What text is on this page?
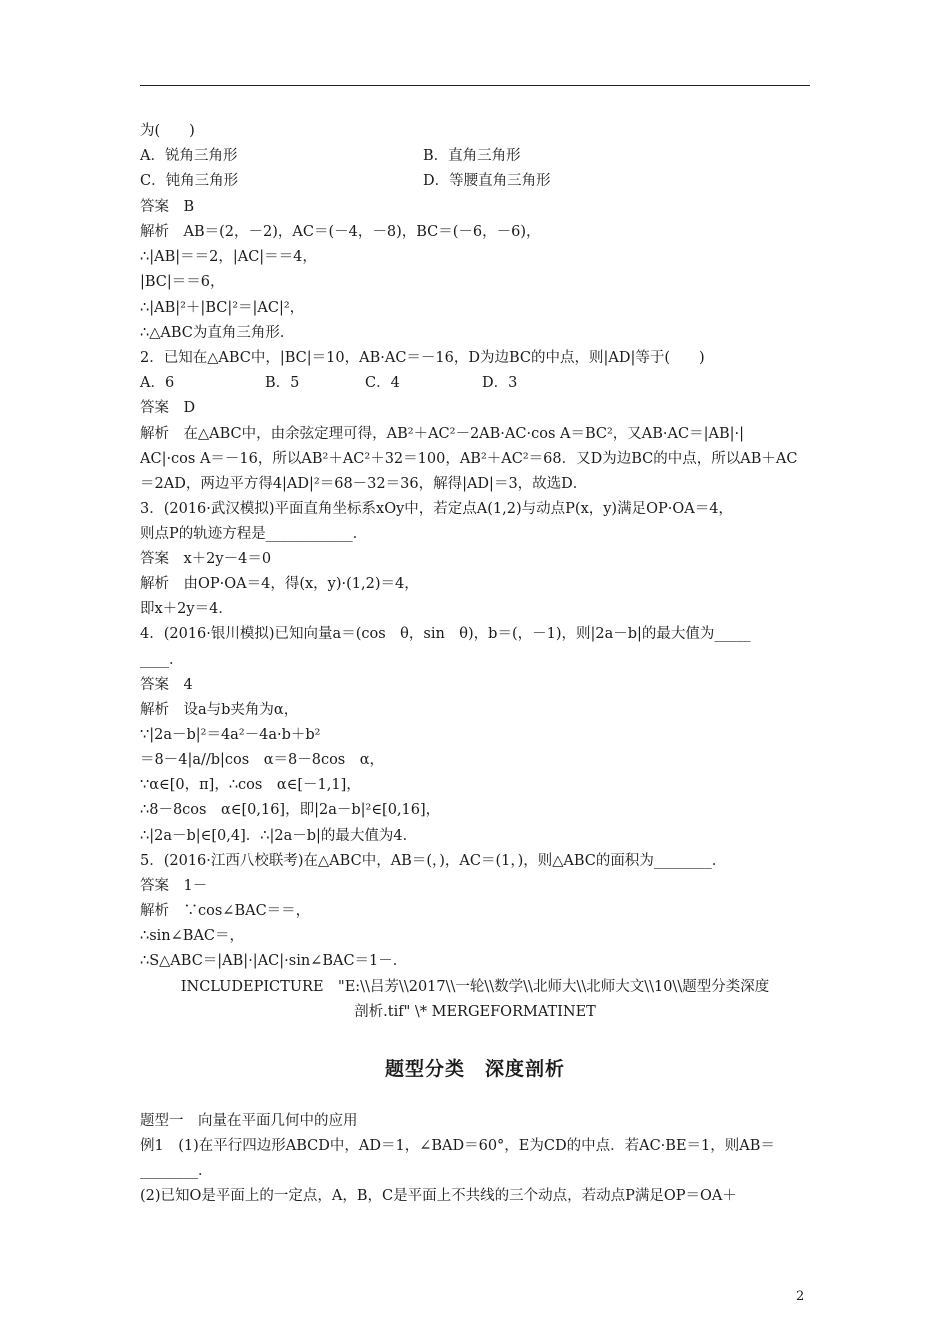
为(　　)
A．锐角三角形	B．直角三角形
C．钝角三角形	D．等腰直角三角形
答案　B
解析　AB＝(2，－2)，AC＝(－4，－8)，BC＝(－6，－6)，
∴|AB|＝＝2，|AC|＝＝4，
|BC|＝＝6，
∴|AB|²＋|BC|²＝|AC|²，
∴△ABC为直角三角形．
2．已知在△ABC中，|BC|＝10，AB·AC＝－16，D为边BC的中点，则|AD|等于(　　)
A．6	B．5	C．4	D．3
答案　D
解析　在△ABC中，由余弦定理可得，AB²＋AC²－2AB·AC·cos A＝BC²，又AB·AC＝|AB|·|
AC|·cos A＝－16，所以AB²＋AC²＋32＝100，AB²＋AC²＝68．又D为边BC的中点，所以AB＋AC
＝2AD，两边平方得4|AD|²＝68－32＝36，解得|AD|＝3，故选D．
3．(2016·武汉模拟)平面直角坐标系xOy中，若定点A(1,2)与动点P(x，y)满足OP·OA＝4，
则点P的轨迹方程是____________．
答案　x＋2y－4＝0
解析　由OP·OA＝4，得(x，y)·(1,2)＝4，
即x＋2y＝4．
4．(2016·银川模拟)已知向量a＝(cos　θ，sin　θ)，b＝(，－1)，则|2a－b|的最大值为_____
____．
答案　4
解析　设a与b夹角为α，
∵|2a－b|²＝4a²－4a·b＋b²
＝8－4|a//b|cos　α＝8－8cos　α，
∵α∈[0，π]，∴cos　α∈[－1,1]，
∴8－8cos　α∈[0,16]，即|2a－b|²∈[0,16]，
∴|2a－b|∈[0,4]．∴|2a－b|的最大值为4．
5．(2016·江西八校联考)在△ABC中，AB＝(，)，AC＝(1，)，则△ABC的面积为________．
答案　1－
解析　∵cos∠BAC＝＝，
∴sin∠BAC＝，
∴S△ABC＝|AB|·|AC|·sin∠BAC＝1－．
INCLUDEPICTURE　"E:\\吕芳\\2017\\一轮\\数学\\北师大\\北师大文\\10\\题型分类深度
剖析.tif" \* MERGEFORMATINET
题型分类　深度剖析
题型一　向量在平面几何中的应用
例1　(1)在平行四边形ABCD中，AD＝1，∠BAD＝60°，E为CD的中点．若AC·BE＝1，则AB＝
________．
(2)已知O是平面上的一定点，A，B，C是平面上不共线的三个动点，若动点P满足OP＝OA＋
2
